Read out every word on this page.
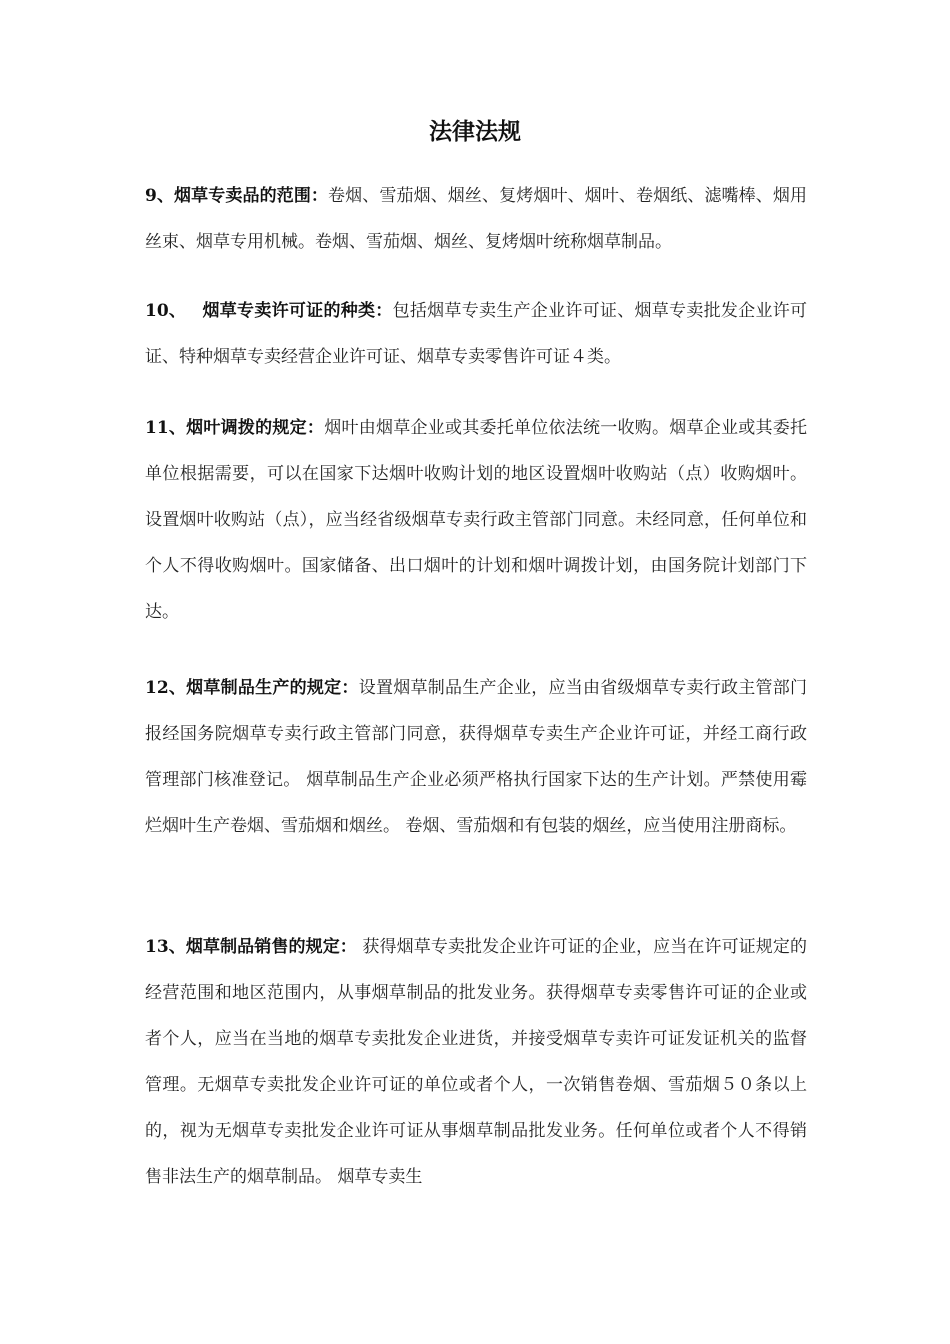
法律法规

9、烟草专卖品的范围：卷烟、雪茄烟、烟丝、复烤烟叶、烟叶、卷烟纸、滤嘴棒、烟用丝束、烟草专用机械。卷烟、雪茄烟、烟丝、复烤烟叶统称烟草制品。

10、 烟草专卖许可证的种类：包括烟草专卖生产企业许可证、烟草专卖批发企业许可证、特种烟草专卖经营企业许可证、烟草专卖零售许可证４类。

11、烟叶调拨的规定：烟叶由烟草企业或其委托单位依法统一收购。烟草企业或其委托单位根据需要，可以在国家下达烟叶收购计划的地区设置烟叶收购站（点）收购烟叶。设置烟叶收购站（点），应当经省级烟草专卖行政主管部门同意。未经同意，任何单位和个人不得收购烟叶。国家储备、出口烟叶的计划和烟叶调拨计划，由国务院计划部门下达。

12、烟草制品生产的规定：设置烟草制品生产企业，应当由省级烟草专卖行政主管部门报经国务院烟草专卖行政主管部门同意，获得烟草专卖生产企业许可证，并经工商行政管理部门核准登记。 烟草制品生产企业必须严格执行国家下达的生产计划。严禁使用霉烂烟叶生产卷烟、雪茄烟和烟丝。 卷烟、雪茄烟和有包装的烟丝，应当使用注册商标。

13、烟草制品销售的规定： 获得烟草专卖批发企业许可证的企业，应当在许可证规定的经营范围和地区范围内，从事烟草制品的批发业务。获得烟草专卖零售许可证的企业或者个人，应当在当地的烟草专卖批发企业进货，并接受烟草专卖许可证发证机关的监督管理。无烟草专卖批发企业许可证的单位或者个人，一次销售卷烟、雪茄烟５０条以上的，视为无烟草专卖批发企业许可证从事烟草制品批发业务。任何单位或者个人不得销售非法生产的烟草制品。 烟草专卖生
